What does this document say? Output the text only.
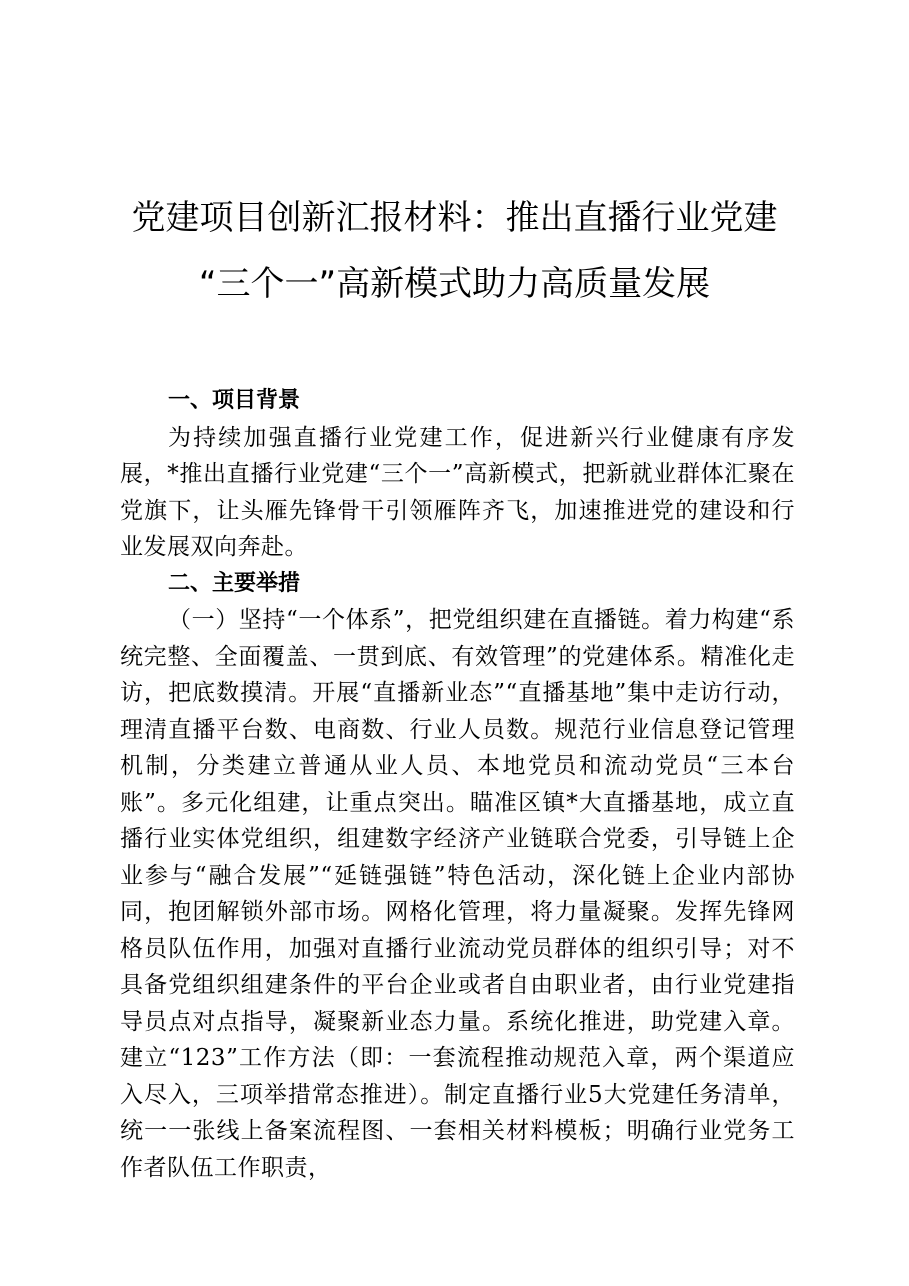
党建项目创新汇报材料：推出直播行业党建
“三个一”高新模式助力高质量发展

一、项目背景

为持续加强直播行业党建工作，促进新兴行业健康有序发展，*推出直播行业党建“三个一”高新模式，把新就业群体汇聚在党旗下，让头雁先锋骨干引领雁阵齐飞，加速推进党的建设和行业发展双向奔赴。

二、主要举措

（一）坚持“一个体系”，把党组织建在直播链。着力构建“系统完整、全面覆盖、一贯到底、有效管理”的党建体系。精准化走访，把底数摸清。开展“直播新业态”“直播基地”集中走访行动，理清直播平台数、电商数、行业人员数。规范行业信息登记管理机制，分类建立普通从业人员、本地党员和流动党员“三本台账”。多元化组建，让重点突出。瞄准区镇*大直播基地，成立直播行业实体党组织，组建数字经济产业链联合党委，引导链上企业参与“融合发展”“延链强链”特色活动，深化链上企业内部协同，抱团解锁外部市场。网格化管理，将力量凝聚。发挥先锋网格员队伍作用，加强对直播行业流动党员群体的组织引导；对不具备党组织组建条件的平台企业或者自由职业者，由行业党建指导员点对点指导，凝聚新业态力量。系统化推进，助党建入章。建立“123”工作方法（即：一套流程推动规范入章，两个渠道应入尽入，三项举措常态推进）。制定直播行业5大党建任务清单，统一一张线上备案流程图、一套相关材料模板；明确行业党务工作者队伍工作职责，
